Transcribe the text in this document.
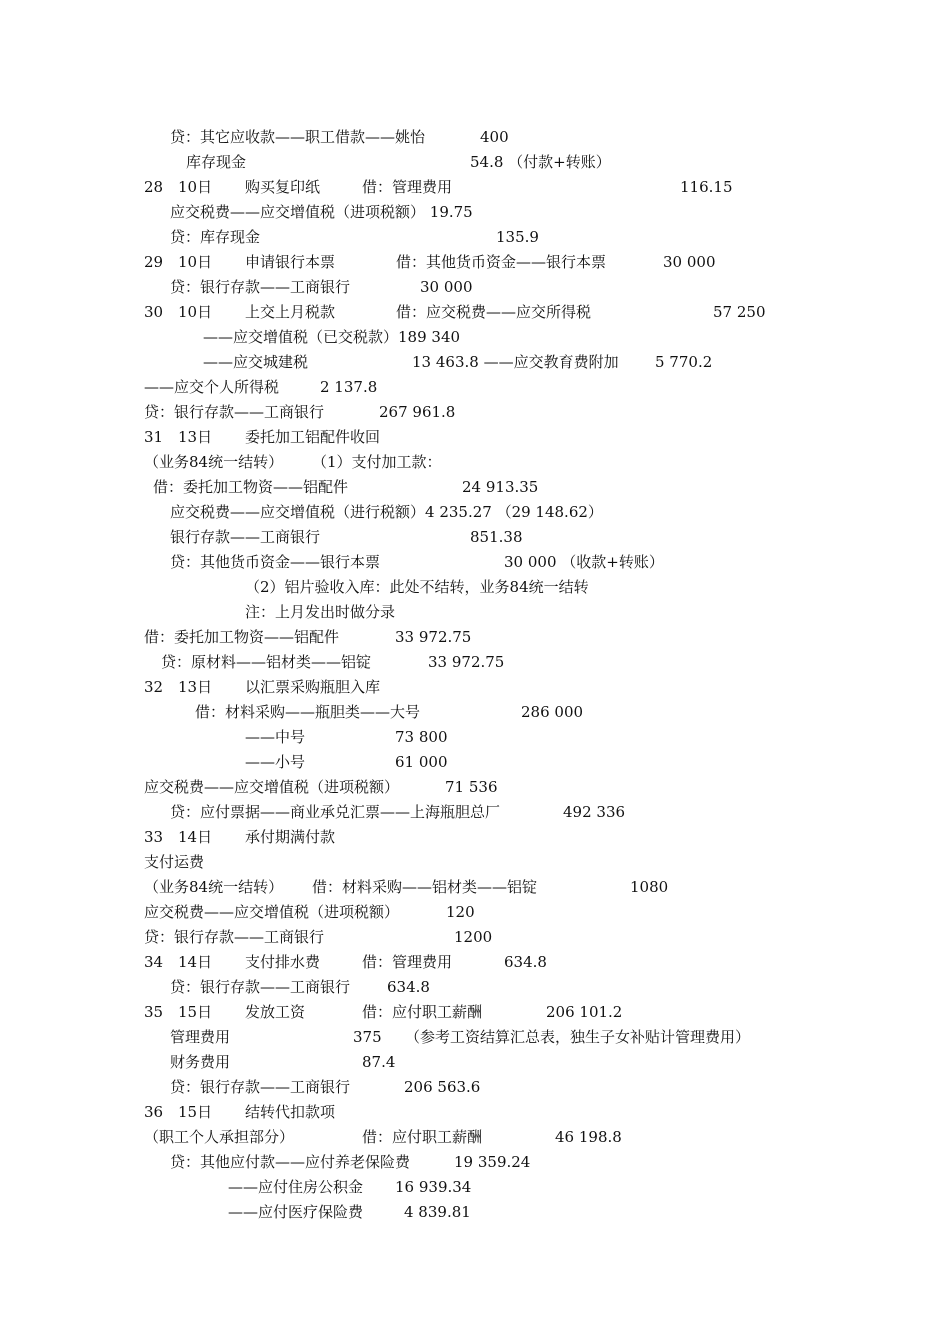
贷：其它应收款——职工借款——姚怡	400
库存现金	54.8 （付款+转账）
28 10日 购买复印纸	借：管理费用	116.15
应交税费——应交增值税（进项税额） 19.75
贷：库存现金	135.9
29 10日 申请银行本票	借：其他货币资金——银行本票	30 000
贷：银行存款——工商银行	30 000
30 10日 上交上月税款	借：应交税费——应交所得税	57 250
——应交增值税（已交税款）189 340
——应交城建税	13 463.8 ——应交教育费附加 5 770.2
——应交个人所得税	2 137.8
贷：银行存款——工商银行	267 961.8
31 13日 委托加工铝配件收回
（业务84统一结转） （1）支付加工款：
借：委托加工物资——铝配件	24 913.35
应交税费——应交增值税（进行税额）4 235.27 （29 148.62）
银行存款——工商银行	851.38
贷：其他货币资金——银行本票	30 000 （收款+转账）
（2）铝片验收入库：此处不结转，业务84统一结转
注：上月发出时做分录
借：委托加工物资——铝配件	33 972.75
贷：原材料——铝材类——铝锭	33 972.75
32 13日 以汇票采购瓶胆入库
借：材料采购——瓶胆类——大号	286 000
——中号	73 800
——小号	61 000
应交税费——应交增值税（进项税额）	71 536
贷：应付票据——商业承兑汇票——上海瓶胆总厂	492 336
33 14日 承付期满付款
支付运费
（业务84统一结转） 借：材料采购——铝材类——铝锭	1080
应交税费——应交增值税（进项税额）	120
贷：银行存款——工商银行	1200
34 14日 支付排水费	借：管理费用	634.8
贷：银行存款——工商银行 634.8
35 15日 发放工资	借：应付职工薪酬	206 101.2
管理费用	375 （参考工资结算汇总表，独生子女补贴计管理费用）
财务费用	87.4
贷：银行存款——工商银行	206 563.6
36 15日 结转代扣款项
（职工个人承担部分）	借：应付职工薪酬	46 198.8
贷：其他应付款——应付养老保险费	19 359.24
——应付住房公积金 16 939.34
——应付医疗保险费	4 839.81
